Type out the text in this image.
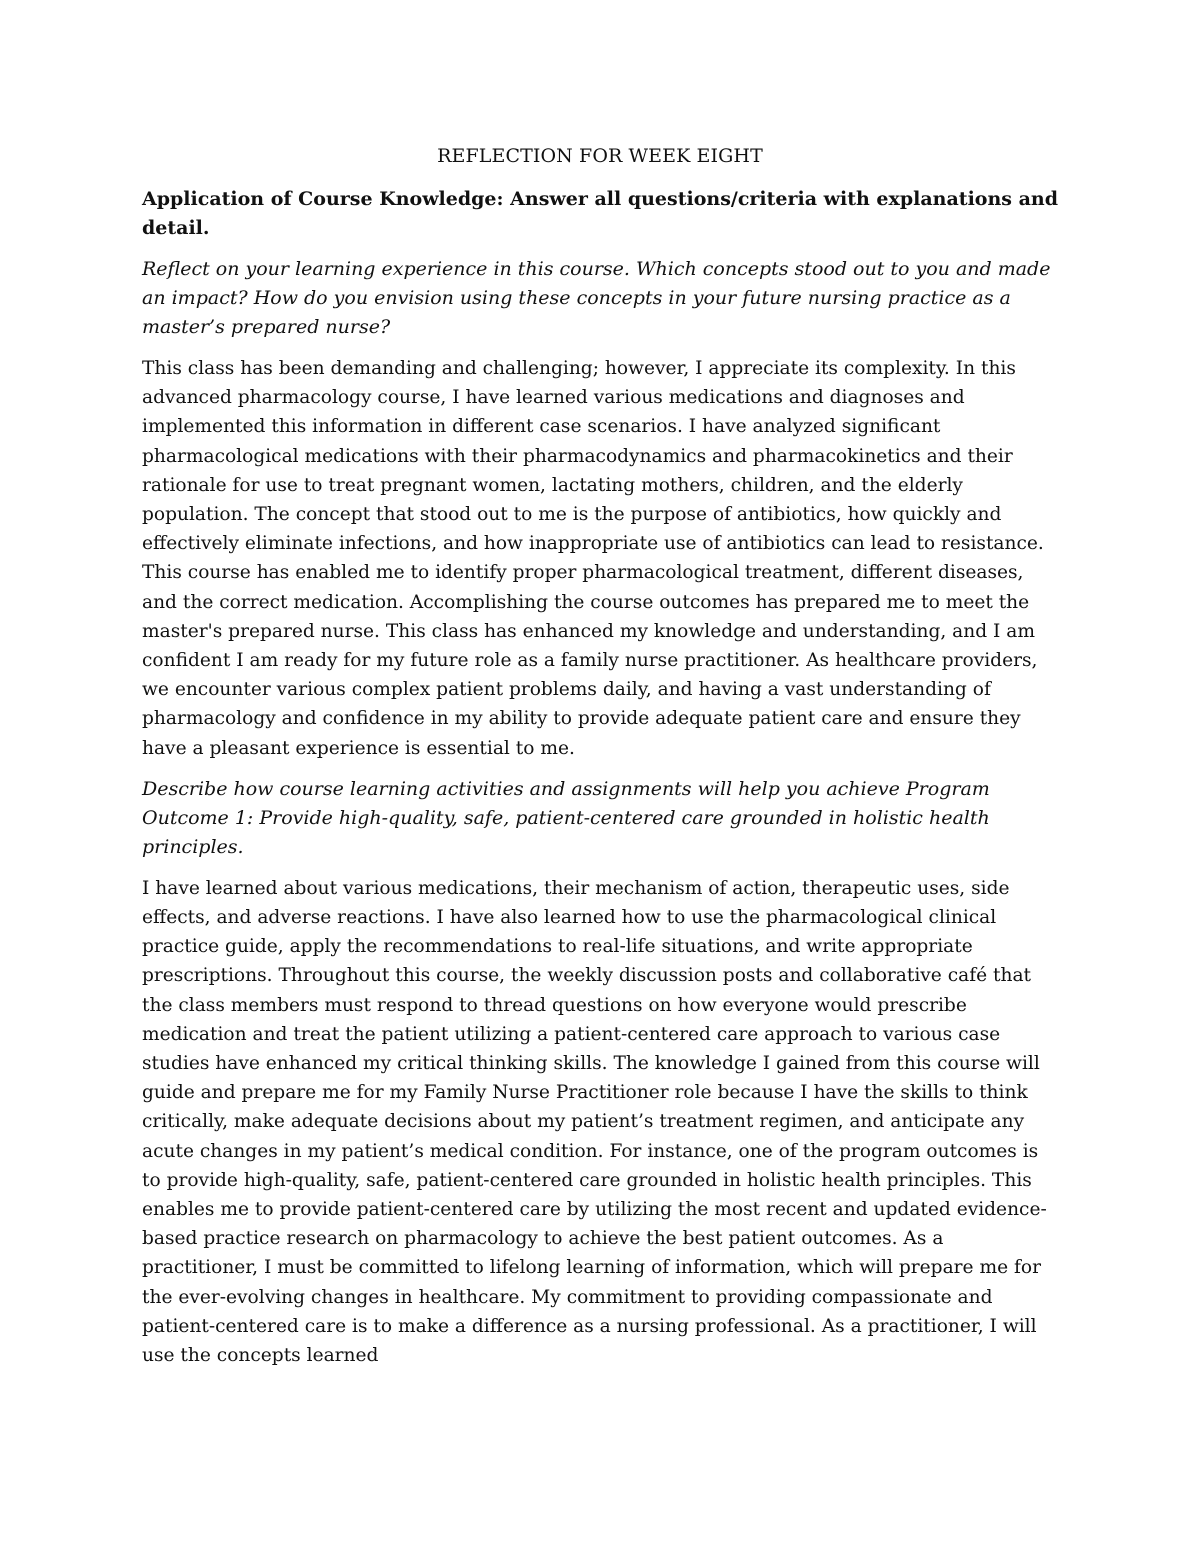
REFLECTION FOR WEEK EIGHT
Application of Course Knowledge: Answer all questions/criteria with explanations and detail.
Reflect on your learning experience in this course. Which concepts stood out to you and made an impact? How do you envision using these concepts in your future nursing practice as a master’s prepared nurse?
This class has been demanding and challenging; however, I appreciate its complexity. In this advanced pharmacology course, I have learned various medications and diagnoses and implemented this information in different case scenarios. I have analyzed significant pharmacological medications with their pharmacodynamics and pharmacokinetics and their rationale for use to treat pregnant women, lactating mothers, children, and the elderly population. The concept that stood out to me is the purpose of antibiotics, how quickly and effectively eliminate infections, and how inappropriate use of antibiotics can lead to resistance. This course has enabled me to identify proper pharmacological treatment, different diseases, and the correct medication. Accomplishing the course outcomes has prepared me to meet the master's prepared nurse. This class has enhanced my knowledge and understanding, and I am confident I am ready for my future role as a family nurse practitioner. As healthcare providers, we encounter various complex patient problems daily, and having a vast understanding of pharmacology and confidence in my ability to provide adequate patient care and ensure they have a pleasant experience is essential to me.
Describe how course learning activities and assignments will help you achieve Program Outcome 1: Provide high-quality, safe, patient-centered care grounded in holistic health principles.
I have learned about various medications, their mechanism of action, therapeutic uses, side effects, and adverse reactions. I have also learned how to use the pharmacological clinical practice guide, apply the recommendations to real-life situations, and write appropriate prescriptions. Throughout this course, the weekly discussion posts and collaborative café that the class members must respond to thread questions on how everyone would prescribe medication and treat the patient utilizing a patient-centered care approach to various case studies have enhanced my critical thinking skills. The knowledge I gained from this course will guide and prepare me for my Family Nurse Practitioner role because I have the skills to think critically, make adequate decisions about my patient’s treatment regimen, and anticipate any acute changes in my patient’s medical condition. For instance, one of the program outcomes is to provide high-quality, safe, patient-centered care grounded in holistic health principles. This enables me to provide patient-centered care by utilizing the most recent and updated evidence-based practice research on pharmacology to achieve the best patient outcomes. As a practitioner, I must be committed to lifelong learning of information, which will prepare me for the ever-evolving changes in healthcare. My commitment to providing compassionate and patient-centered care is to make a difference as a nursing professional. As a practitioner, I will use the concepts learned
